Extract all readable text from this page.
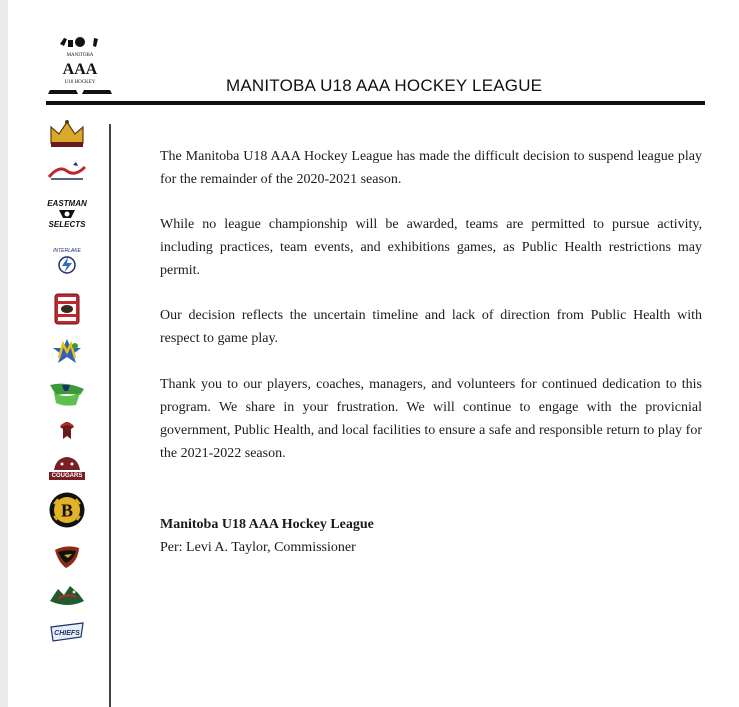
MANITOBA
AAA
U18 HOCKEY	MANITOBA U18 AAA HOCKEY LEAGUE
EASTMAN
SELECTS
INTERLAKE
COUGARS
B
CHIEFS

The Manitoba U18 AAA Hockey League has made the difficult decision to suspend league play for the remainder of the 2020-2021 season.

While no league championship will be awarded, teams are permitted to pursue activity, including practices, team events, and exhibitions games, as Public Health restrictions may permit.

Our decision reflects the uncertain timeline and lack of direction from Public Health with respect to game play.

Thank you to our players, coaches, managers, and volunteers for continued dedication to this program. We share in your frustration. We will continue to engage with the provicnial government, Public Health, and local facilities to ensure a safe and responsible return to play for the 2021-2022 season.

Manitoba U18 AAA Hockey League
Per: Levi A. Taylor, Commissioner
